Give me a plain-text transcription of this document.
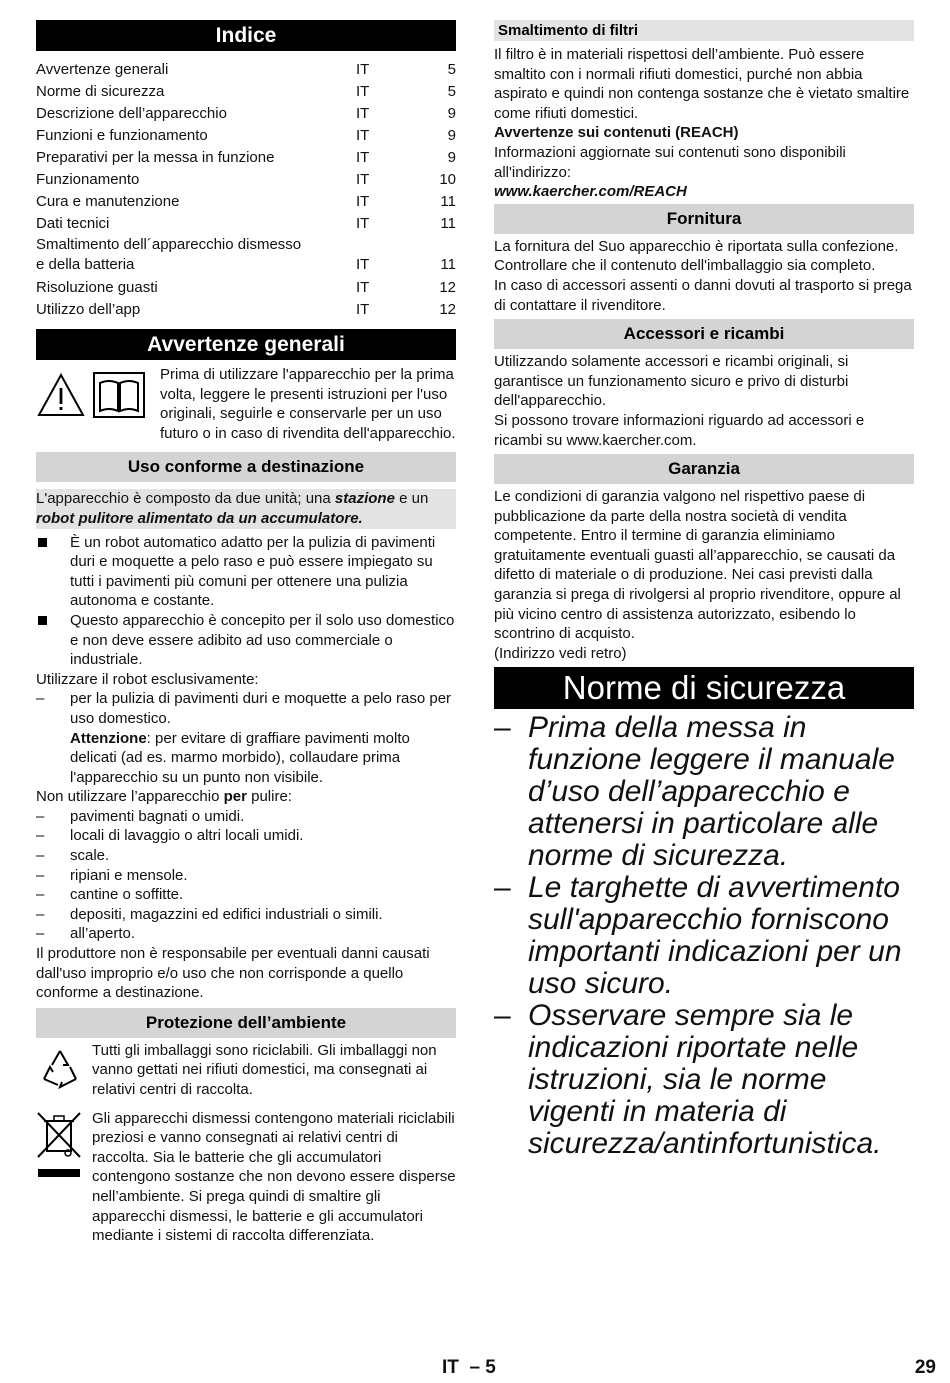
Indice
Avvertenze generali	IT	5
Norme di sicurezza	IT	5
Descrizione dell’apparecchio	IT	9
Funzioni e funzionamento	IT	9
Preparativi per la messa in funzione	IT	9
Funzionamento	IT	10
Cura e manutenzione	IT	11
Dati tecnici	IT	11
Smaltimento dell´apparecchio dismesso
e della batteria	IT	11
Risoluzione guasti	IT	12
Utilizzo dell’app	IT	12
Avvertenze generali

Prima di utilizzare l'apparecchio per la prima volta, leggere le presenti istruzioni per l'uso originali, seguirle e conservarle per un uso futuro o in caso di rivendita dell'apparecchio.

Uso conforme a destinazione

L'apparecchio è composto da due unità; una stazione e un robot pulitore alimentato da un accumulatore.

È un robot automatico adatto per la pulizia di pavimenti duri e moquette a pelo raso e può essere impiegato su tutti i pavimenti più comuni per ottenere una pulizia autonoma e costante.
Questo apparecchio è concepito per il solo uso domestico e non deve essere adibito ad uso commerciale o industriale.

Utilizzare il robot esclusivamente:

–	per la pulizia di pavimenti duri e moquette a pelo raso per uso domestico.
Attenzione: per evitare di graffiare pavimenti molto delicati (ad es. marmo morbido), collaudare prima l'apparecchio su un punto non visibile.

Non utilizzare l’apparecchio per pulire:

–	pavimenti bagnati o umidi.
–	locali di lavaggio o altri locali umidi.
–	scale.
–	ripiani e mensole.
–	cantine o soffitte.
–	depositi, magazzini ed edifici industriali o simili.
–	all’aperto.

Il produttore non è responsabile per eventuali danni causati dall'uso improprio e/o uso che non corrisponde a quello conforme a destinazione.

Protezione dell’ambiente

Tutti gli imballaggi sono riciclabili. Gli imballaggi non vanno gettati nei rifiuti domestici, ma consegnati ai relativi centri di raccolta.

Gli apparecchi dismessi contengono materiali riciclabili preziosi e vanno consegnati ai relativi centri di raccolta. Sia le batterie che gli accumulatori contengono sostanze che non devono essere disperse nell’ambiente. Si prega quindi di smaltire gli apparecchi dismessi, le batterie e gli accumulatori mediante i sistemi di raccolta differenziata.

Smaltimento di filtri

Il filtro è in materiali rispettosi dell’ambiente. Può essere smaltito con i normali rifiuti domestici, purché non abbia aspirato e quindi non contenga sostanze che è vietato smaltire come rifiuti domestici.

Avvertenze sui contenuti (REACH)

Informazioni aggiornate sui contenuti sono disponibili all'indirizzo:

www.kaercher.com/REACH

Fornitura

La fornitura del Suo apparecchio è riportata sulla confezione. Controllare che il contenuto dell'imballaggio sia completo.

In caso di accessori assenti o danni dovuti al trasporto si prega di contattare il rivenditore.

Accessori e ricambi

Utilizzando solamente accessori e ricambi originali, si garantisce un funzionamento sicuro e privo di disturbi dell'apparecchio.

Si possono trovare informazioni riguardo ad accessori e ricambi su www.kaercher.com.

Garanzia

Le condizioni di garanzia valgono nel rispettivo paese di pubblicazione da parte della nostra società di vendita competente. Entro il termine di garanzia eliminiamo gratuitamente eventuali guasti all’apparecchio, se causati da difetto di materiale o di produzione. Nei casi previsti dalla garanzia si prega di rivolgersi al proprio rivenditore, oppure al più vicino centro di assistenza autorizzato, esibendo lo scontrino di acquisto.

(Indirizzo vedi retro)

Norme di sicurezza
– Prima della messa in funzione leggere il manuale d’uso dell’apparecchio e attenersi in particolare alle norme di sicurezza.
– Le targhette di avvertimento sull'apparecchio forniscono importanti indicazioni per un uso sicuro.
– Osservare sempre sia le indicazioni riportate nelle istruzioni, sia le norme vigenti in materia di sicurezza/antinfortunistica.
IT – 5	29
